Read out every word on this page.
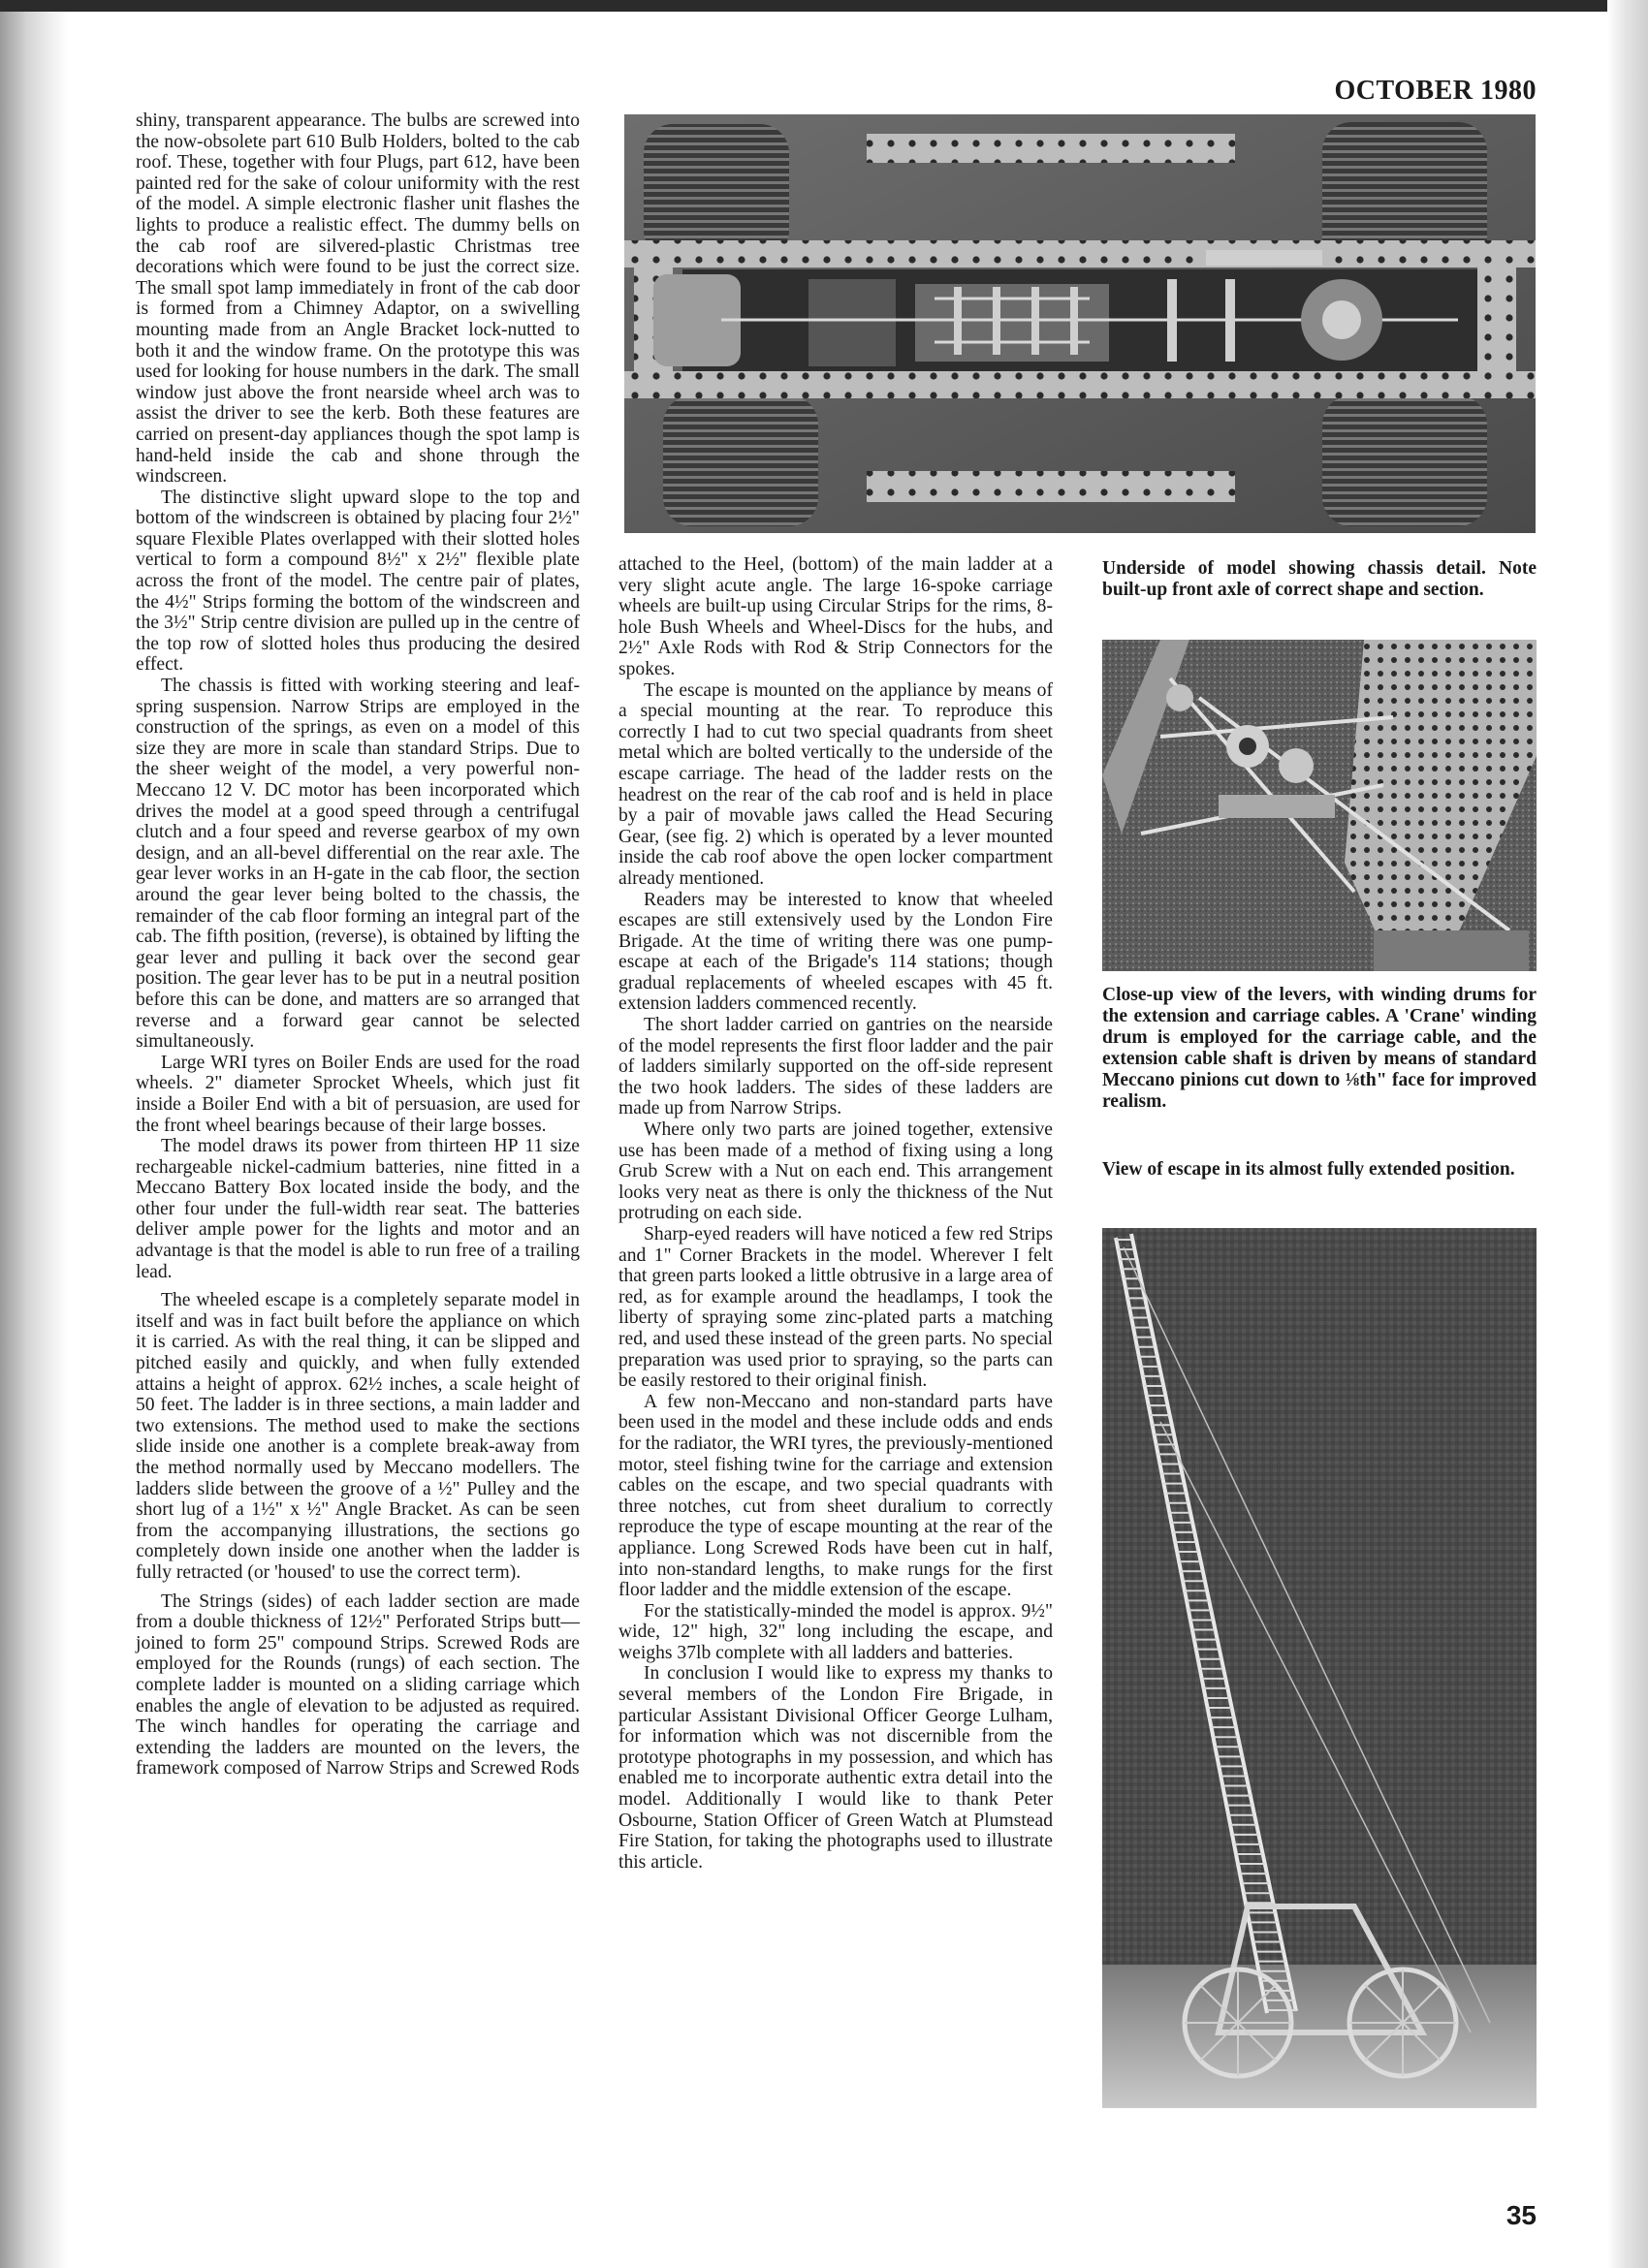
OCTOBER 1980

shiny, transparent appearance. The bulbs are screwed into the now-obsolete part 610 Bulb Holders, bolted to the cab roof. These, together with four Plugs, part 612, have been painted red for the sake of colour uniformity with the rest of the model. A simple electronic flasher unit flashes the lights to produce a realistic effect. The dummy bells on the cab roof are silvered-plastic Christmas tree decorations which were found to be just the correct size. The small spot lamp immediately in front of the cab door is formed from a Chimney Adaptor, on a swivelling mounting made from an Angle Bracket lock-nutted to both it and the window frame. On the prototype this was used for looking for house numbers in the dark. The small window just above the front nearside wheel arch was to assist the driver to see the kerb. Both these features are carried on present-day appliances though the spot lamp is hand-held inside the cab and shone through the windscreen.

The distinctive slight upward slope to the top and bottom of the windscreen is obtained by placing four 2½" square Flexible Plates overlapped with their slotted holes vertical to form a compound 8½" x 2½" flexible plate across the front of the model. The centre pair of plates, the 4½" Strips forming the bottom of the windscreen and the 3½" Strip centre division are pulled up in the centre of the top row of slotted holes thus producing the desired effect.

The chassis is fitted with working steering and leaf-spring suspension. Narrow Strips are employed in the construction of the springs, as even on a model of this size they are more in scale than standard Strips. Due to the sheer weight of the model, a very powerful non-Meccano 12 V. DC motor has been incorporated which drives the model at a good speed through a centrifugal clutch and a four speed and reverse gearbox of my own design, and an all-bevel differential on the rear axle. The gear lever works in an H-gate in the cab floor, the section around the gear lever being bolted to the chassis, the remainder of the cab floor forming an integral part of the cab. The fifth position, (reverse), is obtained by lifting the gear lever and pulling it back over the second gear position. The gear lever has to be put in a neutral position before this can be done, and matters are so arranged that reverse and a forward gear cannot be selected simultaneously.

Large WRI tyres on Boiler Ends are used for the road wheels. 2" diameter Sprocket Wheels, which just fit inside a Boiler End with a bit of persuasion, are used for the front wheel bearings because of their large bosses.

The model draws its power from thirteen HP 11 size rechargeable nickel-cadmium batteries, nine fitted in a Meccano Battery Box located inside the body, and the other four under the full-width rear seat. The batteries deliver ample power for the lights and motor and an advantage is that the model is able to run free of a trailing lead.

The wheeled escape is a completely separate model in itself and was in fact built before the appliance on which it is carried. As with the real thing, it can be slipped and pitched easily and quickly, and when fully extended attains a height of approx. 62½ inches, a scale height of 50 feet. The ladder is in three sections, a main ladder and two extensions. The method used to make the sections slide inside one another is a complete break-away from the method normally used by Meccano modellers. The ladders slide between the groove of a ½" Pulley and the short lug of a 1½" x ½" Angle Bracket. As can be seen from the accompanying illustrations, the sections go completely down inside one another when the ladder is fully retracted (or 'housed' to use the correct term).

The Strings (sides) of each ladder section are made from a double thickness of 12½" Perforated Strips butt—joined to form 25" compound Strips. Screwed Rods are employed for the Rounds (rungs) of each section. The complete ladder is mounted on a sliding carriage which enables the angle of elevation to be adjusted as required. The winch handles for operating the carriage and extending the ladders are mounted on the levers, the framework composed of Narrow Strips and Screwed Rods

attached to the Heel, (bottom) of the main ladder at a very slight acute angle. The large 16-spoke carriage wheels are built-up using Circular Strips for the rims, 8-hole Bush Wheels and Wheel-Discs for the hubs, and 2½" Axle Rods with Rod & Strip Connectors for the spokes.

The escape is mounted on the appliance by means of a special mounting at the rear. To reproduce this correctly I had to cut two special quadrants from sheet metal which are bolted vertically to the underside of the escape carriage. The head of the ladder rests on the headrest on the rear of the cab roof and is held in place by a pair of movable jaws called the Head Securing Gear, (see fig. 2) which is operated by a lever mounted inside the cab roof above the open locker compartment already mentioned.

Readers may be interested to know that wheeled escapes are still extensively used by the London Fire Brigade. At the time of writing there was one pump-escape at each of the Brigade's 114 stations; though gradual replacements of wheeled escapes with 45 ft. extension ladders commenced recently.

The short ladder carried on gantries on the nearside of the model represents the first floor ladder and the pair of ladders similarly supported on the off-side represent the two hook ladders. The sides of these ladders are made up from Narrow Strips.

Where only two parts are joined together, extensive use has been made of a method of fixing using a long Grub Screw with a Nut on each end. This arrangement looks very neat as there is only the thickness of the Nut protruding on each side.

Sharp-eyed readers will have noticed a few red Strips and 1" Corner Brackets in the model. Wherever I felt that green parts looked a little obtrusive in a large area of red, as for example around the headlamps, I took the liberty of spraying some zinc-plated parts a matching red, and used these instead of the green parts. No special preparation was used prior to spraying, so the parts can be easily restored to their original finish.

A few non-Meccano and non-standard parts have been used in the model and these include odds and ends for the radiator, the WRI tyres, the previously-mentioned motor, steel fishing twine for the carriage and extension cables on the escape, and two special quadrants with three notches, cut from sheet duralium to correctly reproduce the type of escape mounting at the rear of the appliance. Long Screwed Rods have been cut in half, into non-standard lengths, to make rungs for the first floor ladder and the middle extension of the escape.

For the statistically-minded the model is approx. 9½" wide, 12" high, 32" long including the escape, and weighs 37lb complete with all ladders and batteries.

In conclusion I would like to express my thanks to several members of the London Fire Brigade, in particular Assistant Divisional Officer George Lulham, for information which was not discernible from the prototype photographs in my possession, and which has enabled me to incorporate authentic extra detail into the model. Additionally I would like to thank Peter Osbourne, Station Officer of Green Watch at Plumstead Fire Station, for taking the photographs used to illustrate this article.

Underside of model showing chassis detail. Note built-up front axle of correct shape and section.
Close-up view of the levers, with winding drums for the extension and carriage cables. A 'Crane' winding drum is employed for the carriage cable, and the extension cable shaft is driven by means of standard Meccano pinions cut down to ⅛th" face for improved realism.
View of escape in its almost fully extended position.
35
